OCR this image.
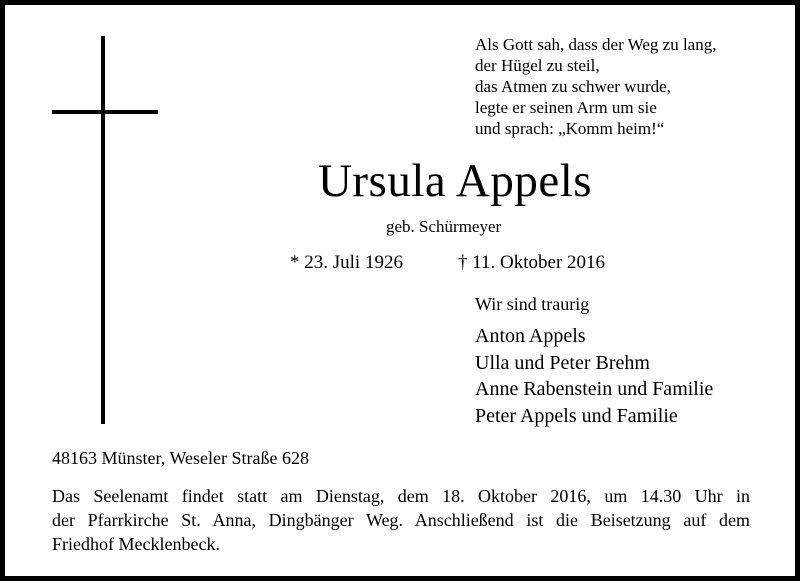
Als Gott sah, dass der Weg zu lang,
der Hügel zu steil,
das Atmen zu schwer wurde,
legte er seinen Arm um sie
und sprach: „Komm heim!“
Ursula Appels
geb. Schürmeyer
* 23. Juli 1926	† 11. Oktober 2016
Wir sind traurig
Anton Appels
Ulla und Peter Brehm
Anne Rabenstein und Familie
Peter Appels und Familie
48163 Münster, Weseler Straße 628

Das Seelenamt findet statt am Dienstag, dem 18. Oktober 2016, um 14.30 Uhr in
der Pfarrkirche St. Anna, Dingbänger Weg. Anschließend ist die Beisetzung auf dem
Friedhof Mecklenbeck.
